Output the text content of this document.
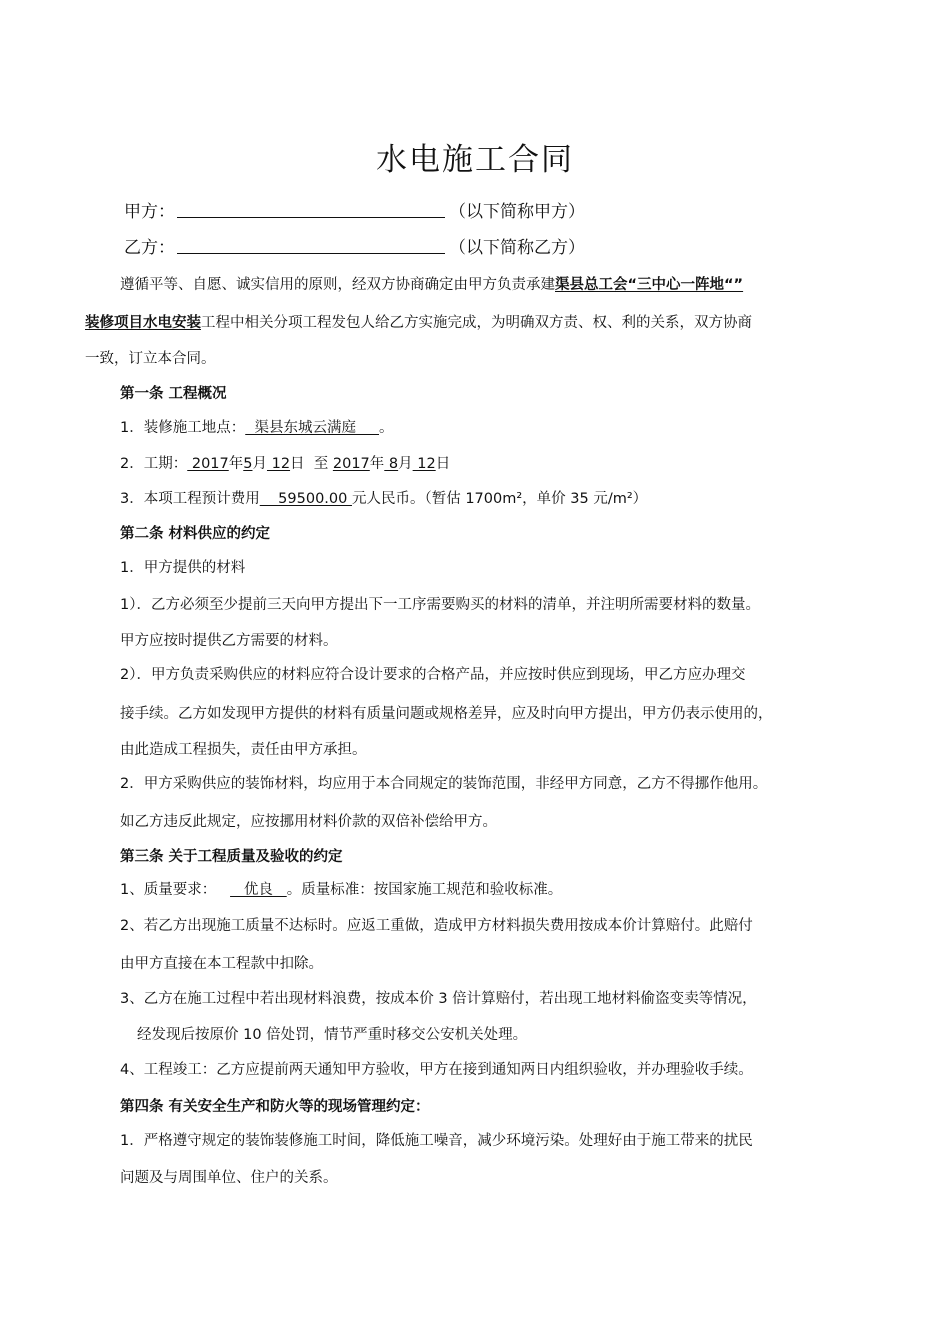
水电施工合同
甲方：	（以下简称甲方）
乙方：	（以下简称乙方）
遵循平等、自愿、诚实信用的原则，经双方协商确定由甲方负责承建渠县总工会“三中心一阵地“”
装修项目水电安装工程中相关分项工程发包人给乙方实施完成，为明确双方责、权、利的关系，双方协商
一致，订立本合同。
第一条 工程概况
1．装修施工地点：  渠县东城云满庭     。
2．工期： 2017年5月 12日 至 2017年 8月 12日
3．本项工程预计费用    59500.00 元人民币。（暂估 1700m²，单价 35 元/m²）
第二条 材料供应的约定
1．甲方提供的材料
1）．乙方必须至少提前三天向甲方提出下一工序需要购买的材料的清单，并注明所需要材料的数量。
甲方应按时提供乙方需要的材料。
2）．甲方负责采购供应的材料应符合设计要求的合格产品，并应按时供应到现场，甲乙方应办理交
接手续。乙方如发现甲方提供的材料有质量问题或规格差异，应及时向甲方提出，甲方仍表示使用的，
由此造成工程损失，责任由甲方承担。
2．甲方采购供应的装饰材料，均应用于本合同规定的装饰范围，非经甲方同意，乙方不得挪作他用。
如乙方违反此规定，应按挪用材料价款的双倍补偿给甲方。
第三条 关于工程质量及验收的约定
1、质量要求：      优良   。质量标准：按国家施工规范和验收标准。
2、若乙方出现施工质量不达标时。应返工重做，造成甲方材料损失费用按成本价计算赔付。此赔付
由甲方直接在本工程款中扣除。
3、乙方在施工过程中若出现材料浪费，按成本价 3 倍计算赔付，若出现工地材料偷盗变卖等情况，
经发现后按原价 10 倍处罚，情节严重时移交公安机关处理。
4、工程竣工：乙方应提前两天通知甲方验收，甲方在接到通知两日内组织验收，并办理验收手续。
第四条 有关安全生产和防火等的现场管理约定：
1．严格遵守规定的装饰装修施工时间，降低施工噪音，减少环境污染。处理好由于施工带来的扰民
问题及与周围单位、住户的关系。
